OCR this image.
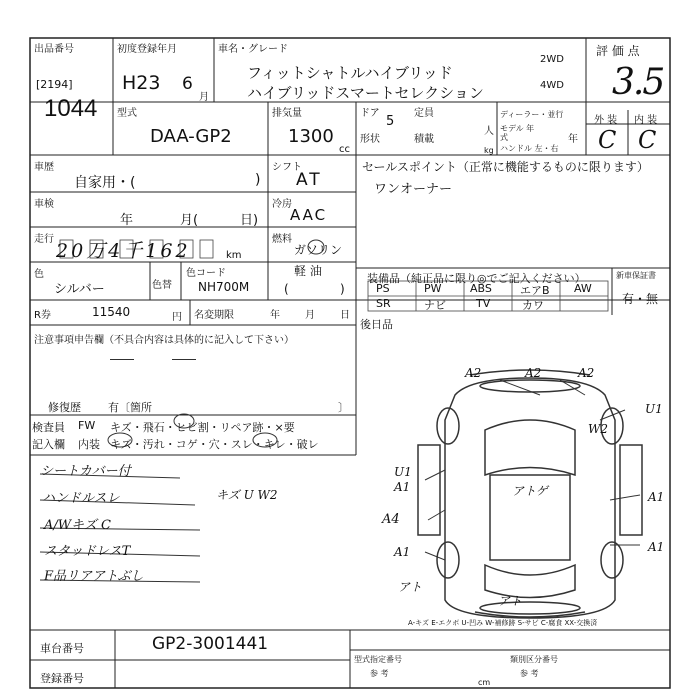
出品番号
[2194]
1044
初度登録年月
H23 6
月
車名・グレード
フィットシャトルハイブリッド
ハイブリッドスマートセレクション
2WD
4WD
評 価 点
3.5
型式
DAA-GP2
排気量
1300
cc
ドア
5
定員
人
形状	積載
kg
ディーラー・並行
モデル 年式	年
ハンドル 左・右
外 装 内 装
C C
車歴
自家用・(	)
シフト
AT
セールスポイント（正常に機能するものに限ります）
ワンオーナー
車検
年	月(	日)
冷房
AAC
走行
20万4千162	km
燃料
ガソリン
軽 油
(	)
色
シルバー	色替
色コード
NH700M
装備品（純正品に限り◎でご記入ください）	新車保証書
有・無
PS	PW	ABS	エアB AW
SR	ナビ	TV	カワ
R券	11540	円 名変期限	年	月	日
後日品
注意事項申告欄（不具合内容は具体的に記入して下さい）
――	――
修復歴 有〔箇所	〕
検査員
記入欄
FW
内装
キズ・飛石・ヒビ割・リペア跡・×要
キズ・汚れ・コゲ・穴・スレ・キレ・破レ
シートカバー付
ハンドルスレ
A/Wキズ C
スタッドレスT
F品リアアトぶし
キズ U W2
A2	A2	A2
U1
W2
U1
A1
A4
A1
A1
A1
アトゲ
アト
アト
A-キズ E-エクボ U-凹み W-補修跡 S-サビ C-腐食 XX-交換済
車台番号	GP2-3001441
登録番号
型式指定番号	類別区分番号
参 考	参 考
cm
